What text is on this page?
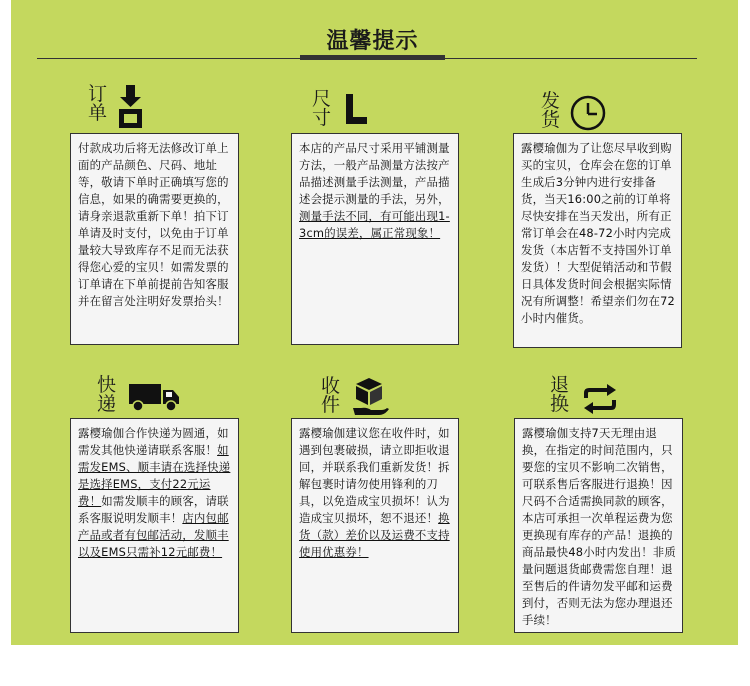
温馨提示
订
单
付款成功后将无法修改订单上面的产品颜色、尺码、地址等，敬请下单时正确填写您的信息，如果的确需要更换的，请身亲退款重新下单！拍下订单请及时支付，以免由于订单量较大导致库存不足而无法获得您心爱的宝贝！如需发票的订单请在下单前提前告知客服并在留言处注明好发票抬头！
尺
寸
本店的产品尺寸采用平铺测量方法，一般产品测量方法按产品描述测量手法测量，产品描述会提示测量的手法，另外，测量手法不同，有可能出现1-3cm的误差，属正常现象！
发
货
露樱瑜伽为了让您尽早收到购买的宝贝，仓库会在您的订单生成后3分钟内进行安排备货，当天16:00之前的订单将尽快安排在当天发出，所有正常订单会在48-72小时内完成发货（本店暂不支持国外订单发货）！大型促销活动和节假日具体发货时间会根据实际情况有所调整！希望亲们勿在72小时内催货。
快
递
露樱瑜伽合作快递为圆通，如需发其他快递请联系客服！如需发EMS、顺丰请在选择快递是选择EMS，支付22元运费！如需发顺丰的顾客，请联系客服说明发顺丰！店内包邮产品或者有包邮活动，发顺丰以及EMS只需补12元邮费！
收
件
露樱瑜伽建议您在收件时，如遇到包裹破损，请立即拒收退回，并联系我们重新发货！拆解包裹时请勿使用锋利的刀具，以免造成宝贝损坏！认为造成宝贝损坏，恕不退还！换货（款）差价以及运费不支持使用优惠券！
退
换
露樱瑜伽支持7天无理由退换，在指定的时间范围内，只要您的宝贝不影响二次销售，可联系售后客服进行退换！因尺码不合适需换同款的顾客，本店可承担一次单程运费为您更换现有库存的产品！退换的商品最快48小时内发出！非质量问题退货邮费需您自理！退至售后的件请勿发平邮和运费到付，否则无法为您办理退还手续！
